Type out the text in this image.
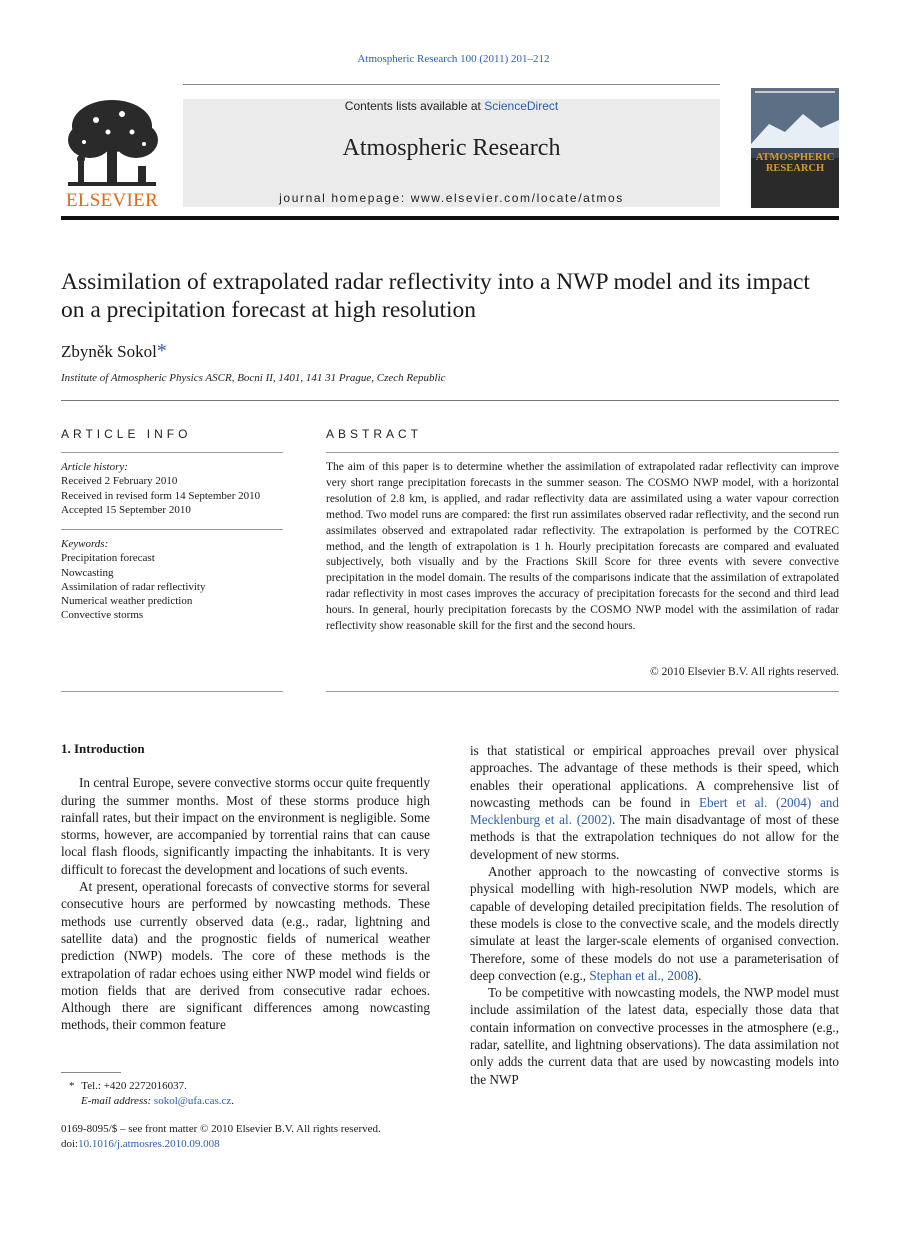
Atmospheric Research 100 (2011) 201–212
ELSEVIER
Contents lists available at ScienceDirect
Atmospheric Research
journal homepage: www.elsevier.com/locate/atmos
ATMOSPHERIC
RESEARCH
Assimilation of extrapolated radar reflectivity into a NWP model and its impact on a precipitation forecast at high resolution
Zbyněk Sokol*
Institute of Atmospheric Physics ASCR, Bocni II, 1401, 141 31 Prague, Czech Republic
ARTICLE INFO	ABSTRACT
Article history:
Received 2 February 2010
Received in revised form 14 September 2010
Accepted 15 September 2010
Keywords:
Precipitation forecast
Nowcasting
Assimilation of radar reflectivity
Numerical weather prediction
Convective storms
The aim of this paper is to determine whether the assimilation of extrapolated radar reflectivity can improve very short range precipitation forecasts in the summer season. The COSMO NWP model, with a horizontal resolution of 2.8 km, is applied, and radar reflectivity data are assimilated using a water vapour correction method. Two model runs are compared: the first run assimilates observed radar reflectivity, and the second run assimilates observed and extrapolated radar reflectivity. The extrapolation is performed by the COTREC method, and the length of extrapolation is 1 h. Hourly precipitation forecasts are compared and evaluated subjectively, both visually and by the Fractions Skill Score for three events with severe convective precipitation in the model domain. The results of the comparisons indicate that the assimilation of extrapolated radar reflectivity in most cases improves the accuracy of precipitation forecasts for the second and third lead hours. In general, hourly precipitation forecasts by the COSMO NWP model with the assimilation of radar reflectivity show reasonable skill for the first and the second hours.
© 2010 Elsevier B.V. All rights reserved.
1. Introduction

In central Europe, severe convective storms occur quite frequently during the summer months. Most of these storms produce high rainfall rates, but their impact on the environment is negligible. Some storms, however, are accompanied by torrential rains that can cause local flash floods, significantly impacting the inhabitants. It is very difficult to forecast the development and locations of such events.

At present, operational forecasts of convective storms for several consecutive hours are performed by nowcasting methods. These methods use currently observed data (e.g., radar, lightning and satellite data) and the prognostic fields of numerical weather prediction (NWP) models. The core of these methods is the extrapolation of radar echoes using either NWP model wind fields or motion fields that are derived from consecutive radar echoes. Although there are significant differences among nowcasting methods, their common feature

is that statistical or empirical approaches prevail over physical approaches. The advantage of these methods is their speed, which enables their operational applications. A comprehensive list of nowcasting methods can be found in Ebert et al. (2004) and Mecklenburg et al. (2002). The main disadvantage of most of these methods is that the extrapolation techniques do not allow for the development of new storms.

Another approach to the nowcasting of convective storms is physical modelling with high-resolution NWP models, which are capable of developing detailed precipitation fields. The resolution of these models is close to the convective scale, and the models directly simulate at least the larger-scale elements of organised convection. Therefore, some of these models do not use a parameterisation of deep convection (e.g., Stephan et al., 2008).

To be competitive with nowcasting models, the NWP model must include assimilation of the latest data, especially those data that contain information on convective processes in the atmosphere (e.g., radar, satellite, and lightning observations). The data assimilation not only adds the current data that are used by nowcasting models into the NWP

* Tel.: +420 2272016037.
E-mail address: sokol@ufa.cas.cz.
0169-8095/$ – see front matter © 2010 Elsevier B.V. All rights reserved.
doi:10.1016/j.atmosres.2010.09.008
